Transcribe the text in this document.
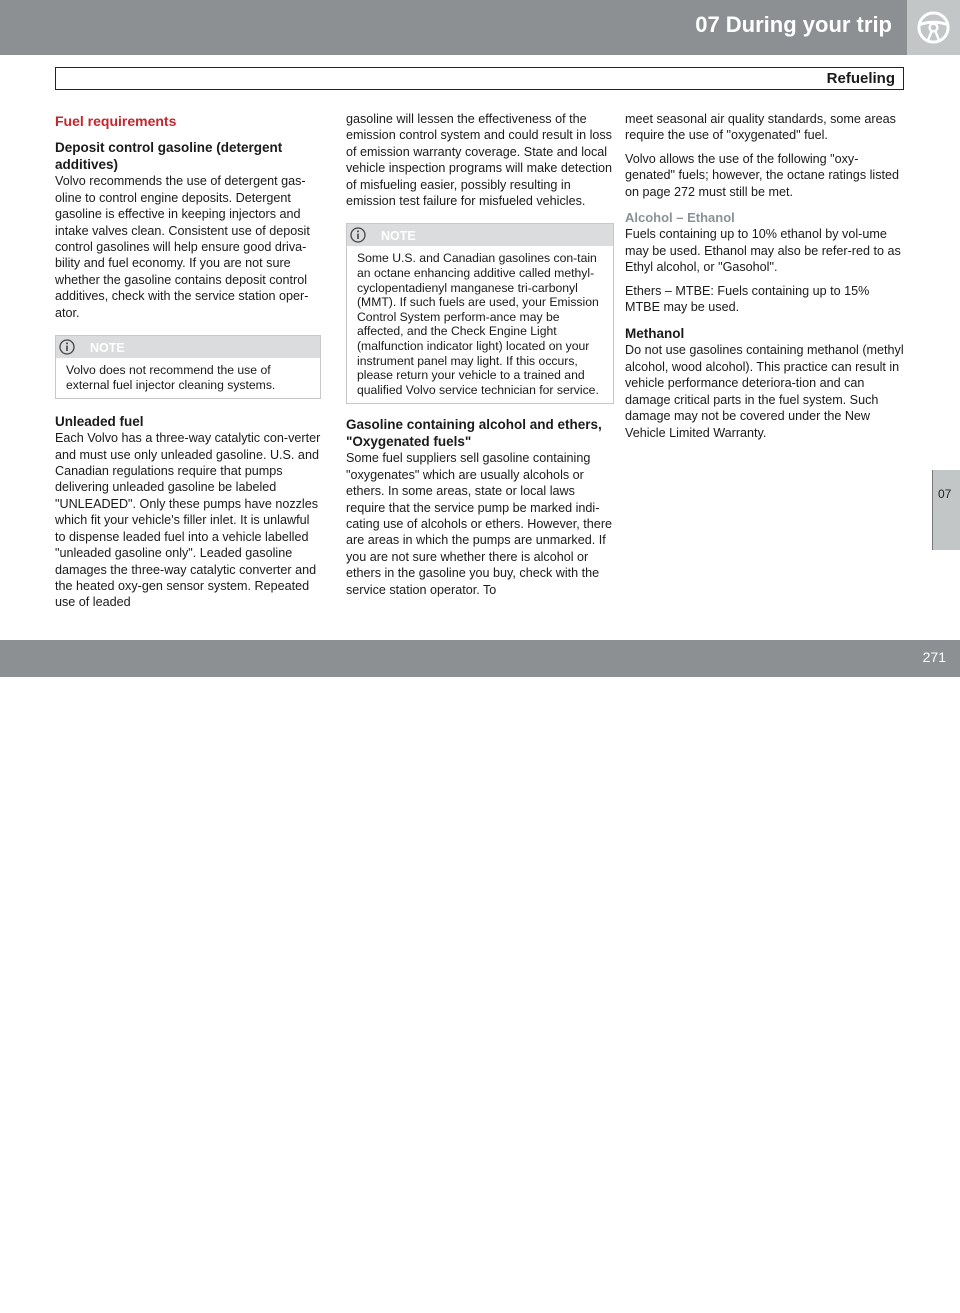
07 During your trip
Refueling
Fuel requirements
Deposit control gasoline (detergent additives)

Volvo recommends the use of detergent gas-oline to control engine deposits. Detergent gasoline is effective in keeping injectors and intake valves clean. Consistent use of deposit control gasolines will help ensure good driva-bility and fuel economy. If you are not sure whether the gasoline contains deposit control additives, check with the service station oper-ator.

NOTE
Volvo does not recommend the use of external fuel injector cleaning systems.
Unleaded fuel

Each Volvo has a three-way catalytic con-verter and must use only unleaded gasoline. U.S. and Canadian regulations require that pumps delivering unleaded gasoline be labeled "UNLEADED". Only these pumps have nozzles which fit your vehicle's filler inlet. It is unlawful to dispense leaded fuel into a vehicle labelled "unleaded gasoline only". Leaded gasoline damages the three-way catalytic converter and the heated oxy-gen sensor system. Repeated use of leaded

gasoline will lessen the effectiveness of the emission control system and could result in loss of emission warranty coverage. State and local vehicle inspection programs will make detection of misfueling easier, possibly resulting in emission test failure for misfueled vehicles.

NOTE
Some U.S. and Canadian gasolines con-tain an octane enhancing additive called methyl-cyclopentadienyl manganese tri-carbonyl (MMT). If such fuels are used, your Emission Control System perform-ance may be affected, and the Check Engine Light (malfunction indicator light) located on your instrument panel may light. If this occurs, please return your vehicle to a trained and qualified Volvo service technician for service.
Gasoline containing alcohol and ethers, "Oxygenated fuels"

Some fuel suppliers sell gasoline containing "oxygenates" which are usually alcohols or ethers. In some areas, state or local laws require that the service pump be marked indi-cating use of alcohols or ethers. However, there are areas in which the pumps are unmarked. If you are not sure whether there is alcohol or ethers in the gasoline you buy, check with the service station operator. To

meet seasonal air quality standards, some areas require the use of "oxygenated" fuel.

Volvo allows the use of the following "oxy-genated" fuels; however, the octane ratings listed on page 272 must still be met.

Alcohol – Ethanol

Fuels containing up to 10% ethanol by vol-ume may be used. Ethanol may also be refer-red to as Ethyl alcohol, or "Gasohol".

Ethers – MTBE: Fuels containing up to 15% MTBE may be used.

Methanol

Do not use gasolines containing methanol (methyl alcohol, wood alcohol). This practice can result in vehicle performance deteriora-tion and can damage critical parts in the fuel system. Such damage may not be covered under the New Vehicle Limited Warranty.

07
carmanualsonline.info
271
